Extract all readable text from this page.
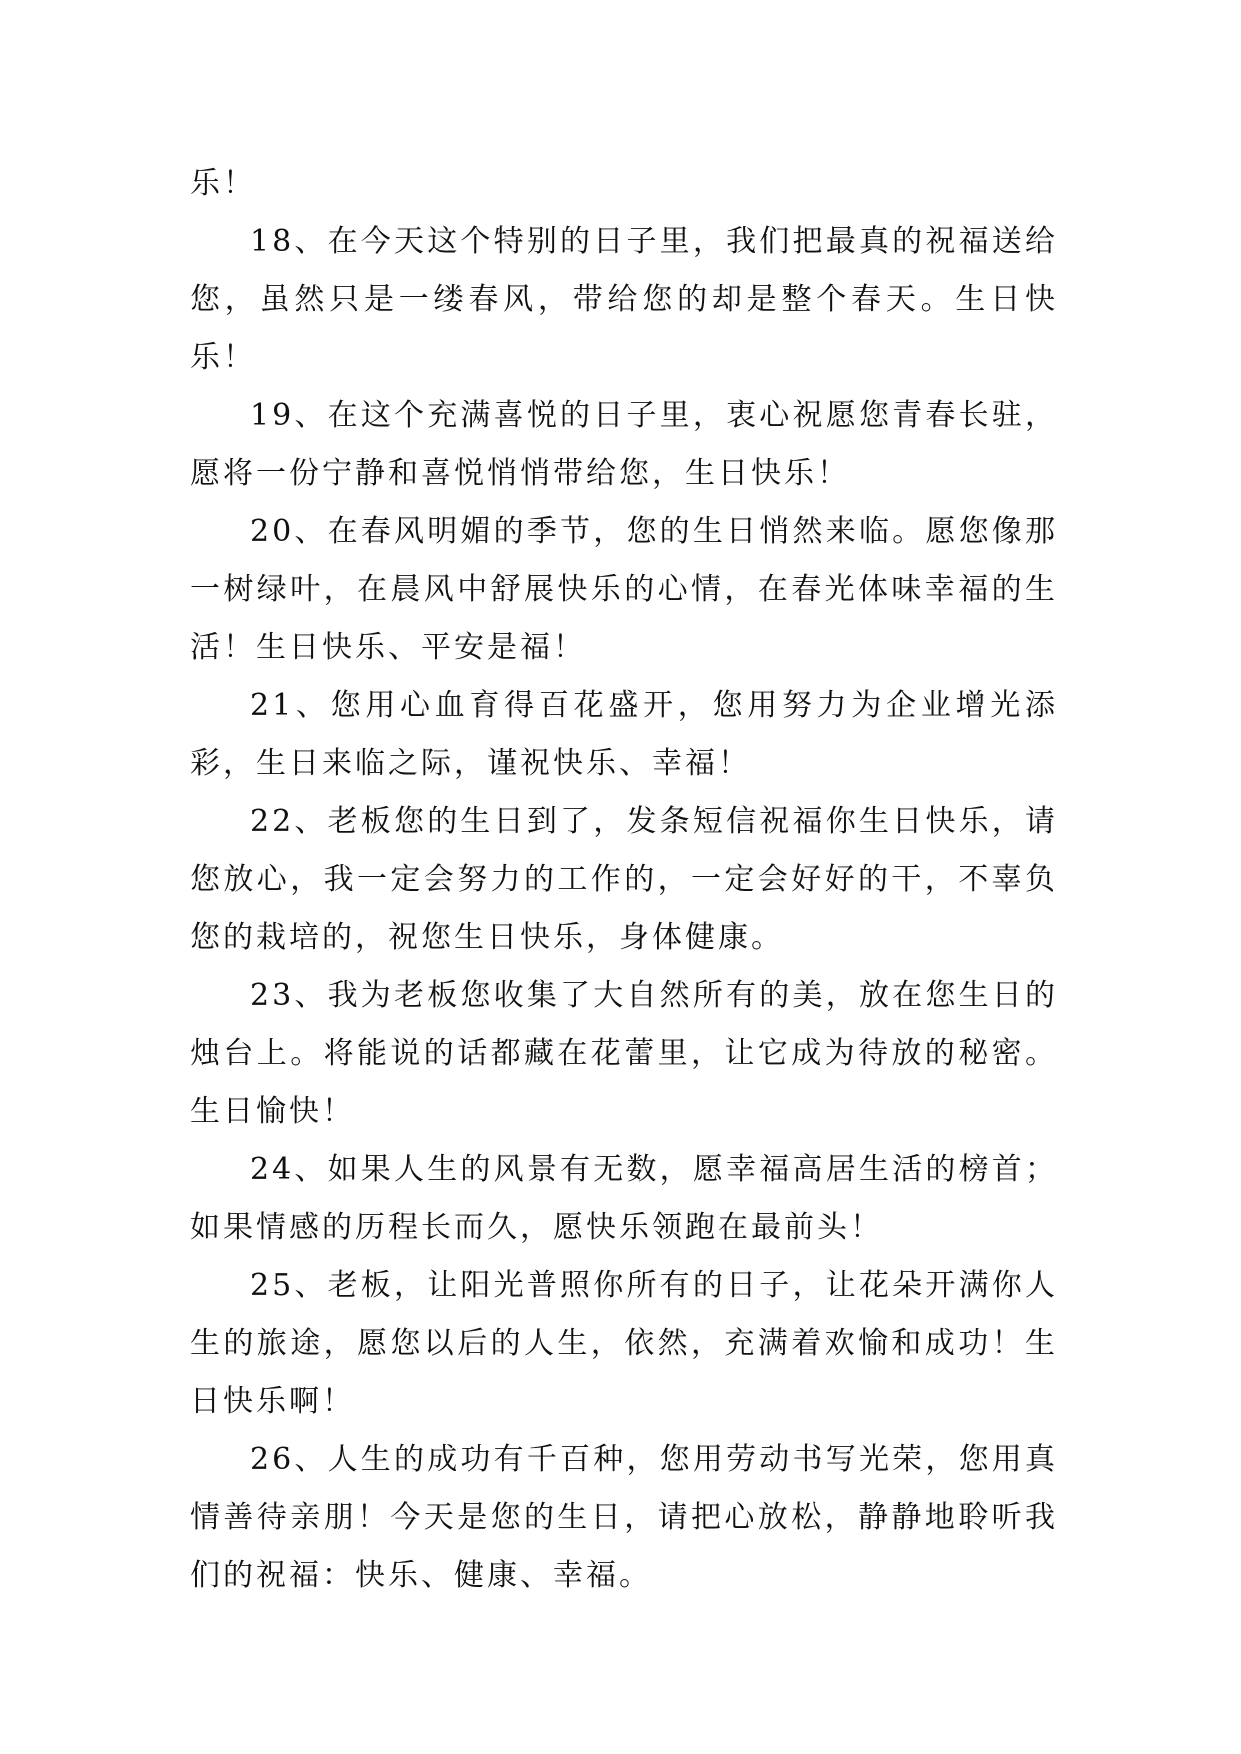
乐！

18、在今天这个特别的日子里，我们把最真的祝福送给您，虽然只是一缕春风，带给您的却是整个春天。生日快乐！

19、在这个充满喜悦的日子里，衷心祝愿您青春长驻，愿将一份宁静和喜悦悄悄带给您，生日快乐！

20、在春风明媚的季节，您的生日悄然来临。愿您像那一树绿叶，在晨风中舒展快乐的心情，在春光体味幸福的生活！生日快乐、平安是福！

21、您用心血育得百花盛开，您用努力为企业增光添彩，生日来临之际，谨祝快乐、幸福！

22、老板您的生日到了，发条短信祝福你生日快乐，请您放心，我一定会努力的工作的，一定会好好的干，不辜负您的栽培的，祝您生日快乐，身体健康。

23、我为老板您收集了大自然所有的美，放在您生日的烛台上。将能说的话都藏在花蕾里，让它成为待放的秘密。生日愉快！

24、如果人生的风景有无数，愿幸福高居生活的榜首；如果情感的历程长而久，愿快乐领跑在最前头！

25、老板，让阳光普照你所有的日子，让花朵开满你人生的旅途，愿您以后的人生，依然，充满着欢愉和成功！生日快乐啊！

26、人生的成功有千百种，您用劳动书写光荣，您用真情善待亲朋！今天是您的生日，请把心放松，静静地聆听我们的祝福：快乐、健康、幸福。
